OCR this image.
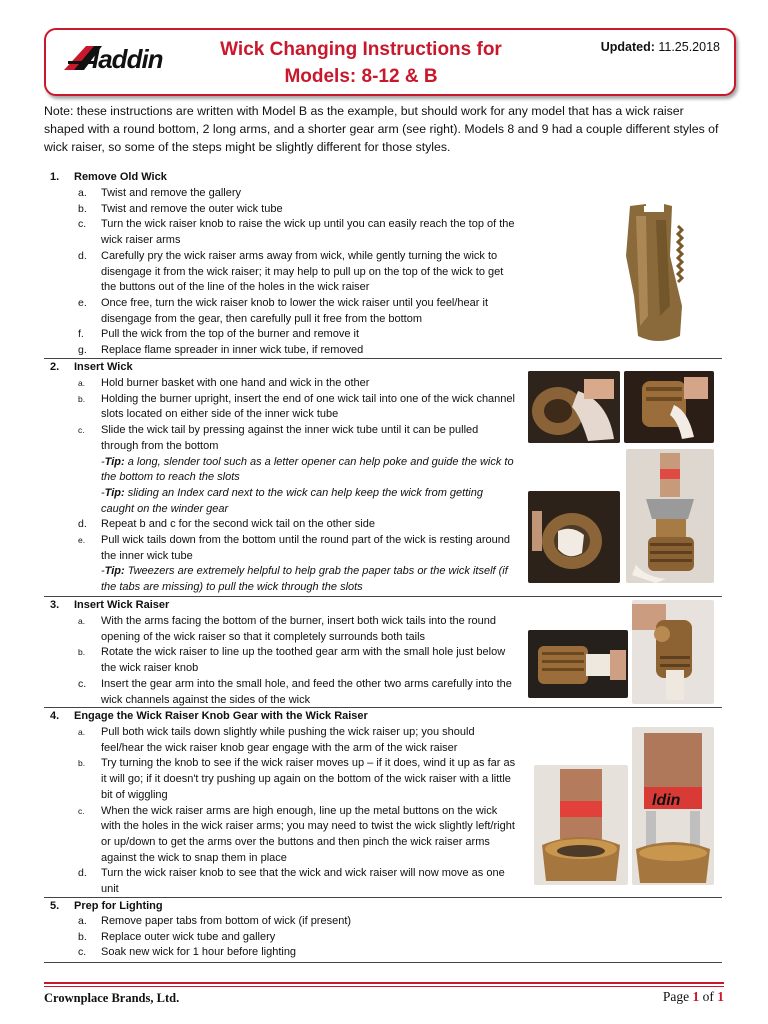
laddin	Wick Changing Instructions for
Models: 8-12 & B
Updated: 11.25.2018
Note: these instructions are written with Model B as the example, but should work for any model that has a wick raiser shaped with a round bottom, 2 long arms, and a shorter gear arm (see right). Models 8 and 9 had a couple different styles of wick raiser, so some of the steps might be slightly different for those styles.
1. Remove Old Wick
a. Twist and remove the gallery
b. Twist and remove the outer wick tube
c. Turn the wick raiser knob to raise the wick up until you can easily reach the top of the wick raiser arms
d. Carefully pry the wick raiser arms away from wick, while gently turning the wick to disengage it from the wick raiser; it may help to pull up on the top of the wick to get the buttons out of the line of the holes in the wick raiser
e. Once free, turn the wick raiser knob to lower the wick raiser until you feel/hear it disengage from the gear, then carefully pull it free from the bottom
f. Pull the wick from the top of the burner and remove it
g. Replace flame spreader in inner wick tube, if removed
2. Insert Wick
a. Hold burner basket with one hand and wick in the other
b. Holding the burner upright, insert the end of one wick tail into one of the wick channel slots located on either side of the inner wick tube
c. Slide the wick tail by pressing against the inner wick tube until it can be pulled through from the bottom
-Tip: a long, slender tool such as a letter opener can help poke and guide the wick to the bottom to reach the slots
-Tip: sliding an Index card next to the wick can help keep the wick from getting caught on the winder gear
d. Repeat b and c for the second wick tail on the other side
e. Pull wick tails down from the bottom until the round part of the wick is resting around the inner wick tube
-Tip: Tweezers are extremely helpful to help grab the paper tabs or the wick itself (if the tabs are missing) to pull the wick through the slots
3. Insert Wick Raiser
a. With the arms facing the bottom of the burner, insert both wick tails into the round opening of the wick raiser so that it completely surrounds both tails
b. Rotate the wick raiser to line up the toothed gear arm with the small hole just below the wick raiser knob
c. Insert the gear arm into the small hole, and feed the other two arms carefully into the wick channels against the sides of the wick
4. Engage the Wick Raiser Knob Gear with the Wick Raiser
a. Pull both wick tails down slightly while pushing the wick raiser up; you should feel/hear the wick raiser knob gear engage with the arm of the wick raiser
b. Try turning the knob to see if the wick raiser moves up – if it does, wind it up as far as it will go; if it doesn't try pushing up again on the bottom of the wick raiser with a little bit of wiggling
c. When the wick raiser arms are high enough, line up the metal buttons on the wick with the holes in the wick raiser arms; you may need to twist the wick slightly left/right or up/down to get the arms over the buttons and then pinch the wick raiser arms against the wick to snap them in place
d. Turn the wick raiser knob to see that the wick and wick raiser will now move as one unit
ldin
5. Prep for Lighting
a. Remove paper tabs from bottom of wick (if present)
b. Replace outer wick tube and gallery
c. Soak new wick for 1 hour before lighting
Crownplace Brands, Ltd.	Page 1 of 1
